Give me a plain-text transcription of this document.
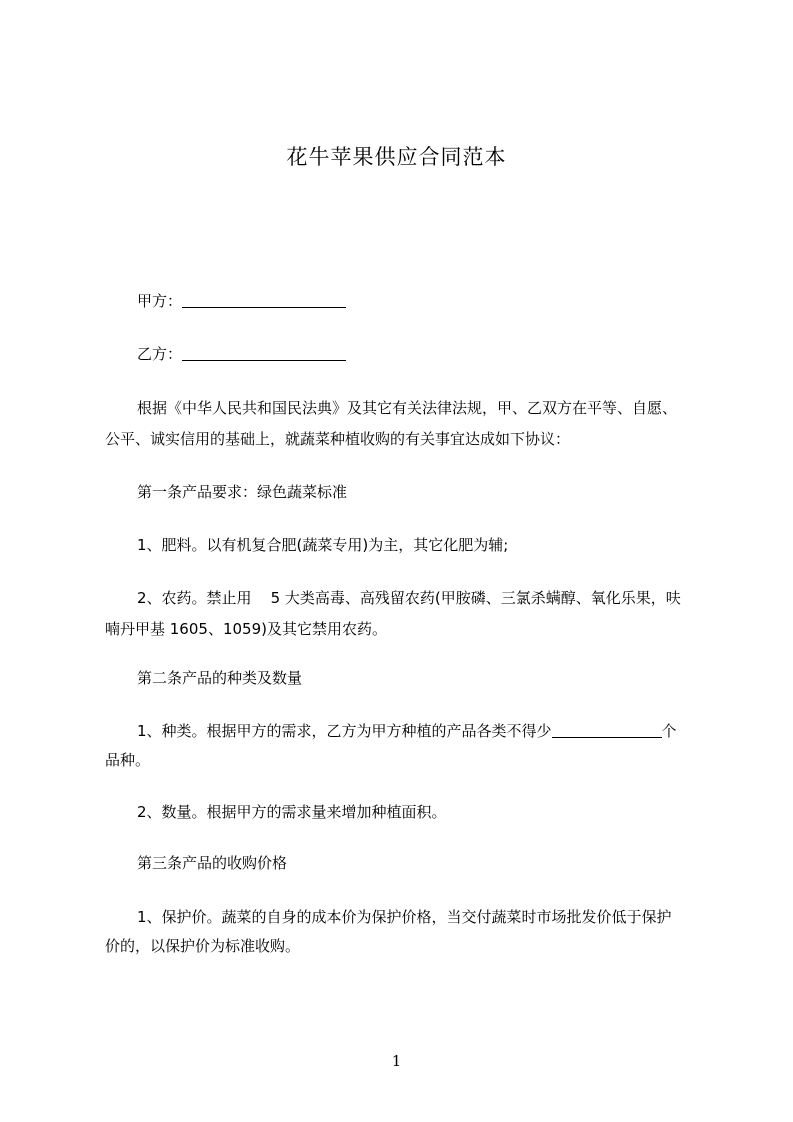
花牛苹果供应合同范本

甲方：

乙方：

根据《中华人民共和国民法典》及其它有关法律法规，甲、乙双方在平等、自愿、

公平、诚实信用的基础上，就蔬菜种植收购的有关事宜达成如下协议：

第一条产品要求：绿色蔬菜标准

1、肥料。以有机复合肥(蔬菜专用)为主，其它化肥为辅;

2、农药。禁止用    5 大类高毒、高残留农药(甲胺磷、三氯杀螨醇、氧化乐果，呋

喃丹甲基 1605、1059)及其它禁用农药。

第二条产品的种类及数量

1、种类。根据甲方的需求，乙方为甲方种植的产品各类不得少	个

品种。

2、数量。根据甲方的需求量来增加种植面积。

第三条产品的收购价格

1、保护价。蔬菜的自身的成本价为保护价格，当交付蔬菜时市场批发价低于保护

价的，以保护价为标准收购。

1
